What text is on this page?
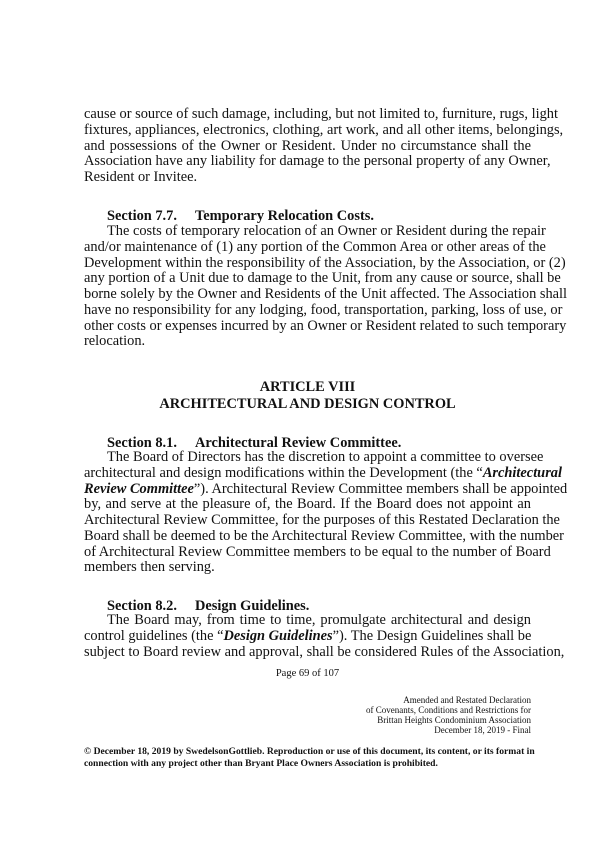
cause or source of such damage, including, but not limited to, furniture, rugs, light
fixtures, appliances, electronics, clothing, art work, and all other items, belongings,
and possessions of the Owner or Resident. Under no circumstance shall the
Association have any liability for damage to the personal property of any Owner,
Resident or Invitee.
Section 7.7. Temporary Relocation Costs.
The costs of temporary relocation of an Owner or Resident during the repair
and/or maintenance of (1) any portion of the Common Area or other areas of the
Development within the responsibility of the Association, by the Association, or (2)
any portion of a Unit due to damage to the Unit, from any cause or source, shall be
borne solely by the Owner and Residents of the Unit affected. The Association shall
have no responsibility for any lodging, food, transportation, parking, loss of use, or
other costs or expenses incurred by an Owner or Resident related to such temporary
relocation.
ARTICLE VIII
ARCHITECTURAL AND DESIGN CONTROL
Section 8.1. Architectural Review Committee.
The Board of Directors has the discretion to appoint a committee to oversee
architectural and design modifications within the Development (the “Architectural
Review Committee”). Architectural Review Committee members shall be appointed
by, and serve at the pleasure of, the Board. If the Board does not appoint an
Architectural Review Committee, for the purposes of this Restated Declaration the
Board shall be deemed to be the Architectural Review Committee, with the number
of Architectural Review Committee members to be equal to the number of Board
members then serving.
Section 8.2. Design Guidelines.
The Board may, from time to time, promulgate architectural and design
control guidelines (the “Design Guidelines”). The Design Guidelines shall be
subject to Board review and approval, shall be considered Rules of the Association,
Page 69 of 107
Amended and Restated Declaration
of Covenants, Conditions and Restrictions for
Brittan Heights Condominium Association
December 18, 2019 - Final
© December 18, 2019 by SwedelsonGottlieb. Reproduction or use of this document, its content, or its format in
connection with any project other than Bryant Place Owners Association is prohibited.
